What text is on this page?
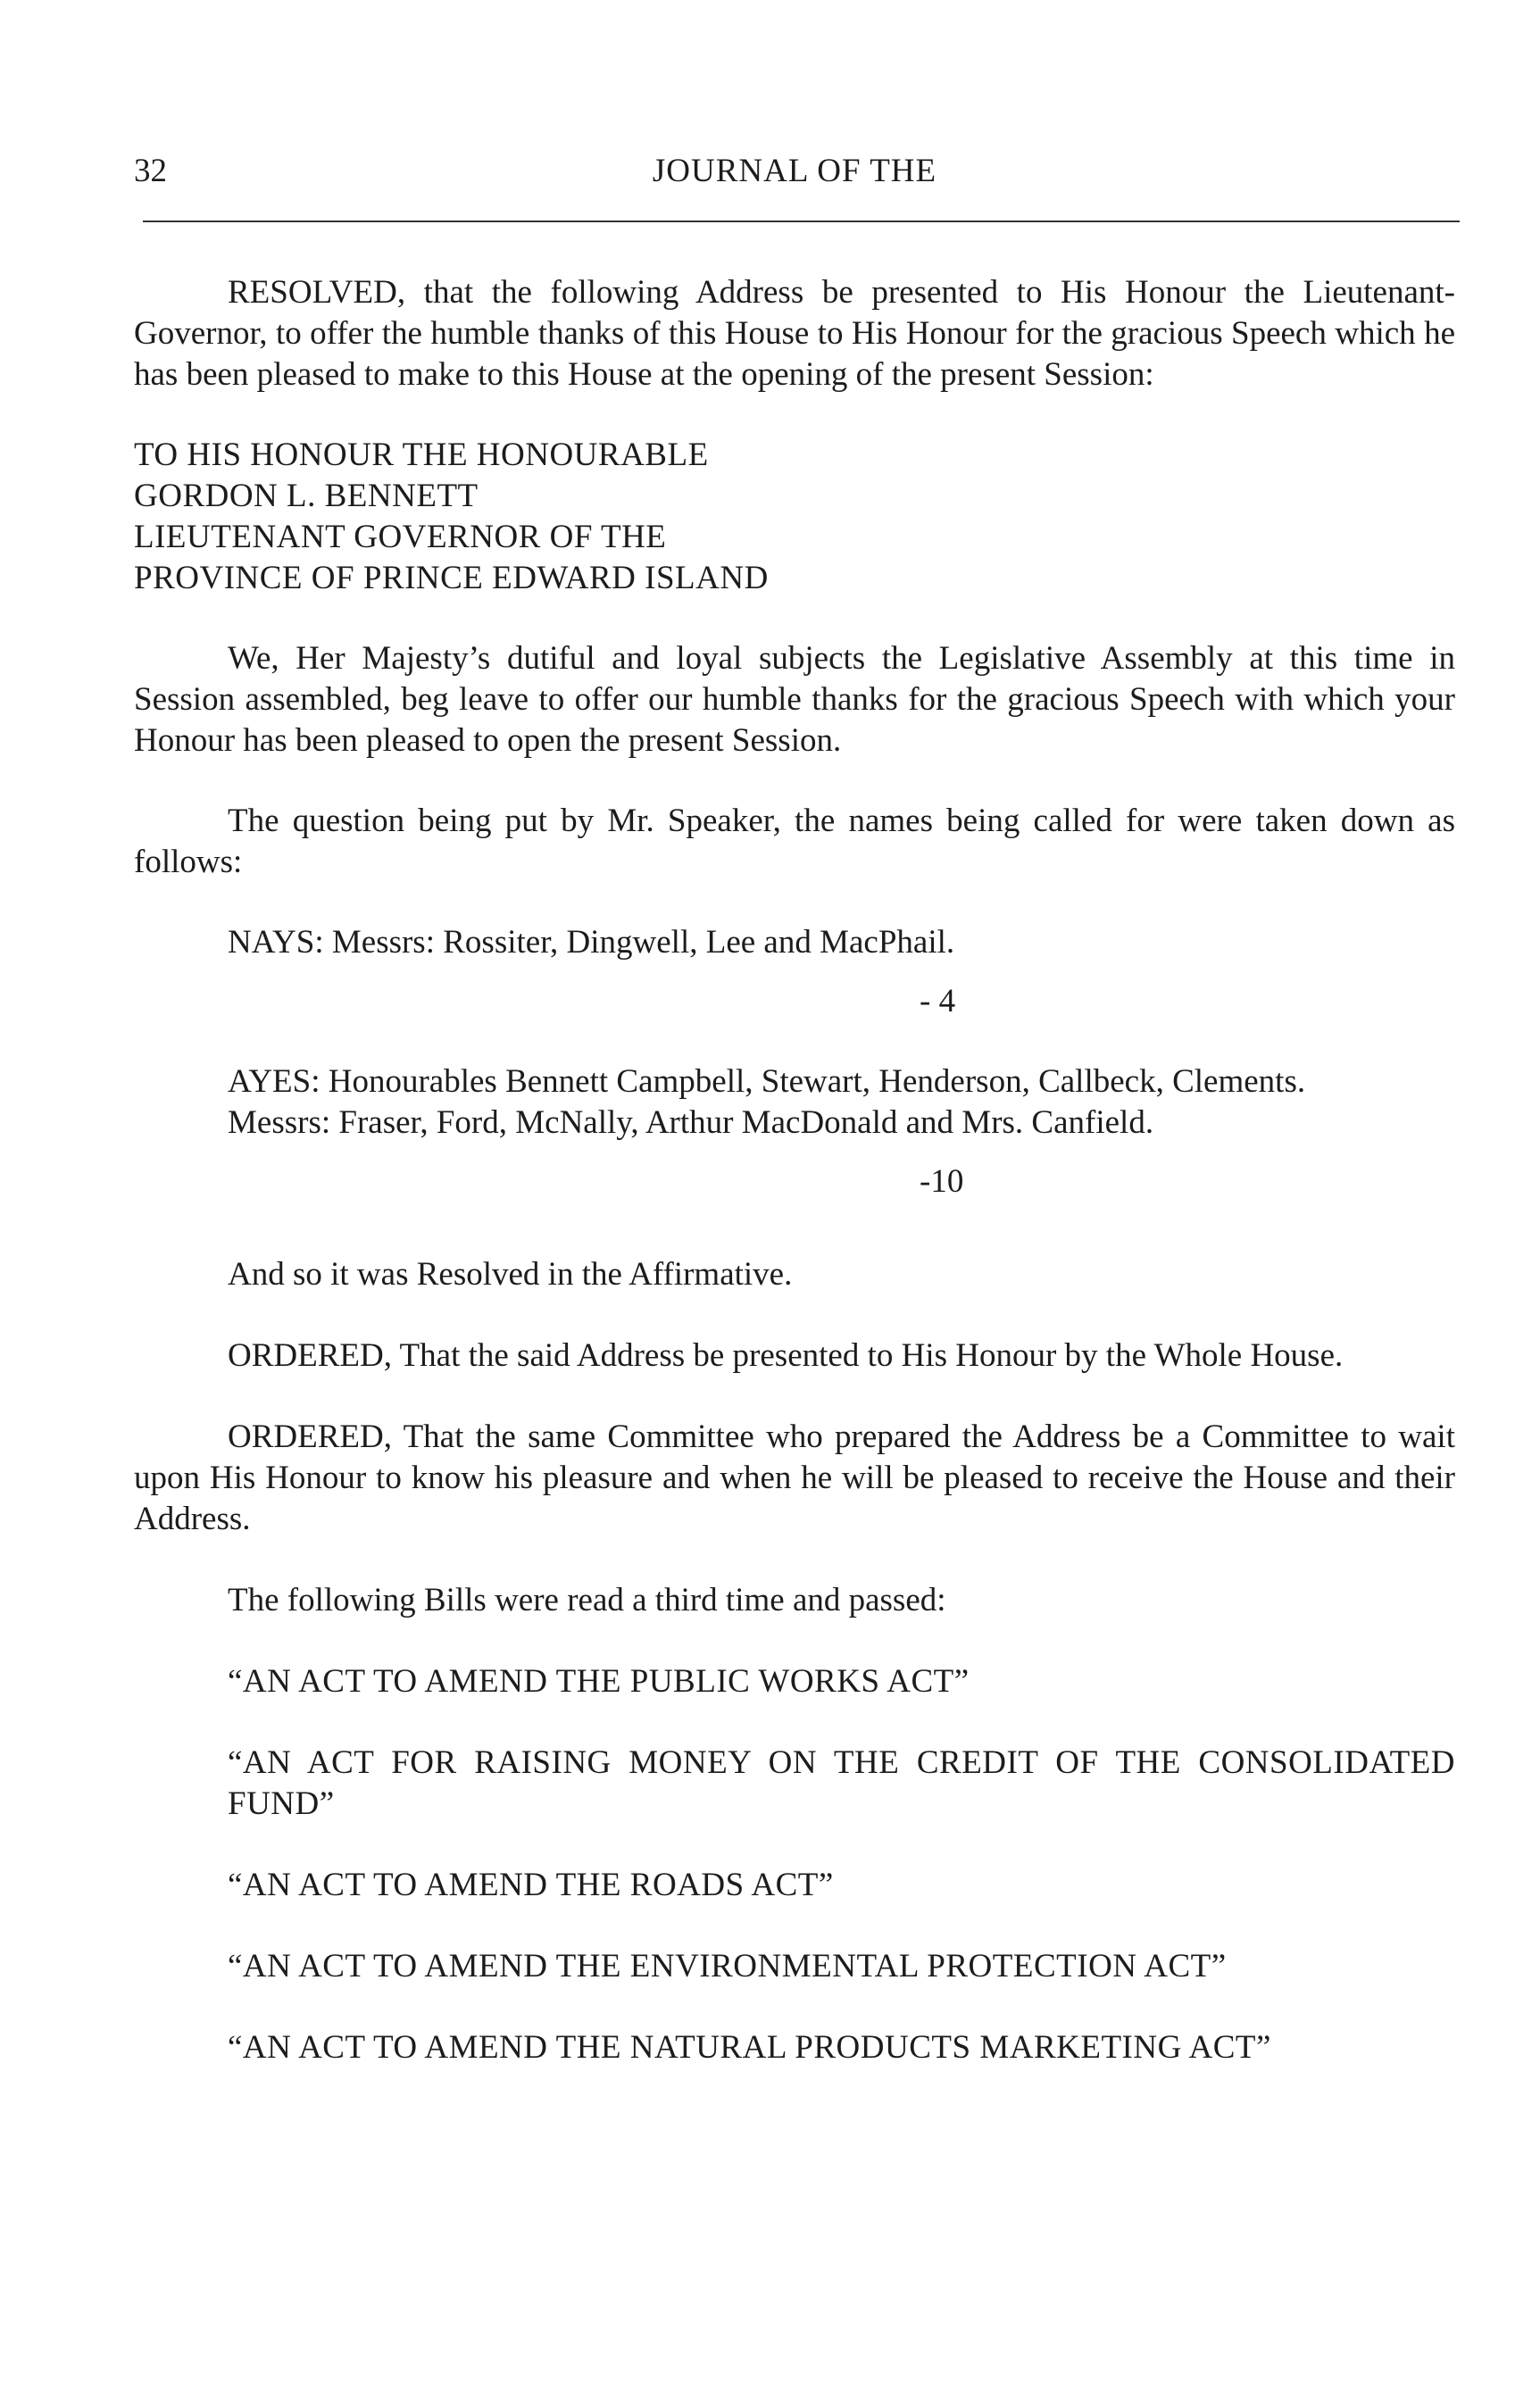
32	JOURNAL OF THE

RESOLVED, that the following Address be presented to His Honour the Lieutenant-Governor, to offer the humble thanks of this House to His Honour for the gracious Speech which he has been pleased to make to this House at the opening of the present Session:

TO HIS HONOUR THE HONOURABLE
GORDON L. BENNETT
LIEUTENANT GOVERNOR OF THE
PROVINCE OF PRINCE EDWARD ISLAND

We, Her Majesty’s dutiful and loyal subjects the Legislative Assembly at this time in Session assembled, beg leave to offer our humble thanks for the gracious Speech with which your Honour has been pleased to open the present Session.

The question being put by Mr. Speaker, the names being called for were taken down as follows:

NAYS: Messrs: Rossiter, Dingwell, Lee and MacPhail.

- 4

AYES: Honourables Bennett Campbell, Stewart, Henderson, Callbeck, Clements.

Messrs: Fraser, Ford, McNally, Arthur MacDonald and Mrs. Canfield.

-10

And so it was Resolved in the Affirmative.

ORDERED, That the said Address be presented to His Honour by the Whole House.

ORDERED, That the same Committee who prepared the Address be a Committee to wait upon His Honour to know his pleasure and when he will be pleased to receive the House and their Address.

The following Bills were read a third time and passed:

“AN ACT TO AMEND THE PUBLIC WORKS ACT”

“AN ACT FOR RAISING MONEY ON THE CREDIT OF THE CONSOLIDATED FUND”

“AN ACT TO AMEND THE ROADS ACT”

“AN ACT TO AMEND THE ENVIRONMENTAL PROTECTION ACT”

“AN ACT TO AMEND THE NATURAL PRODUCTS MARKETING ACT”
